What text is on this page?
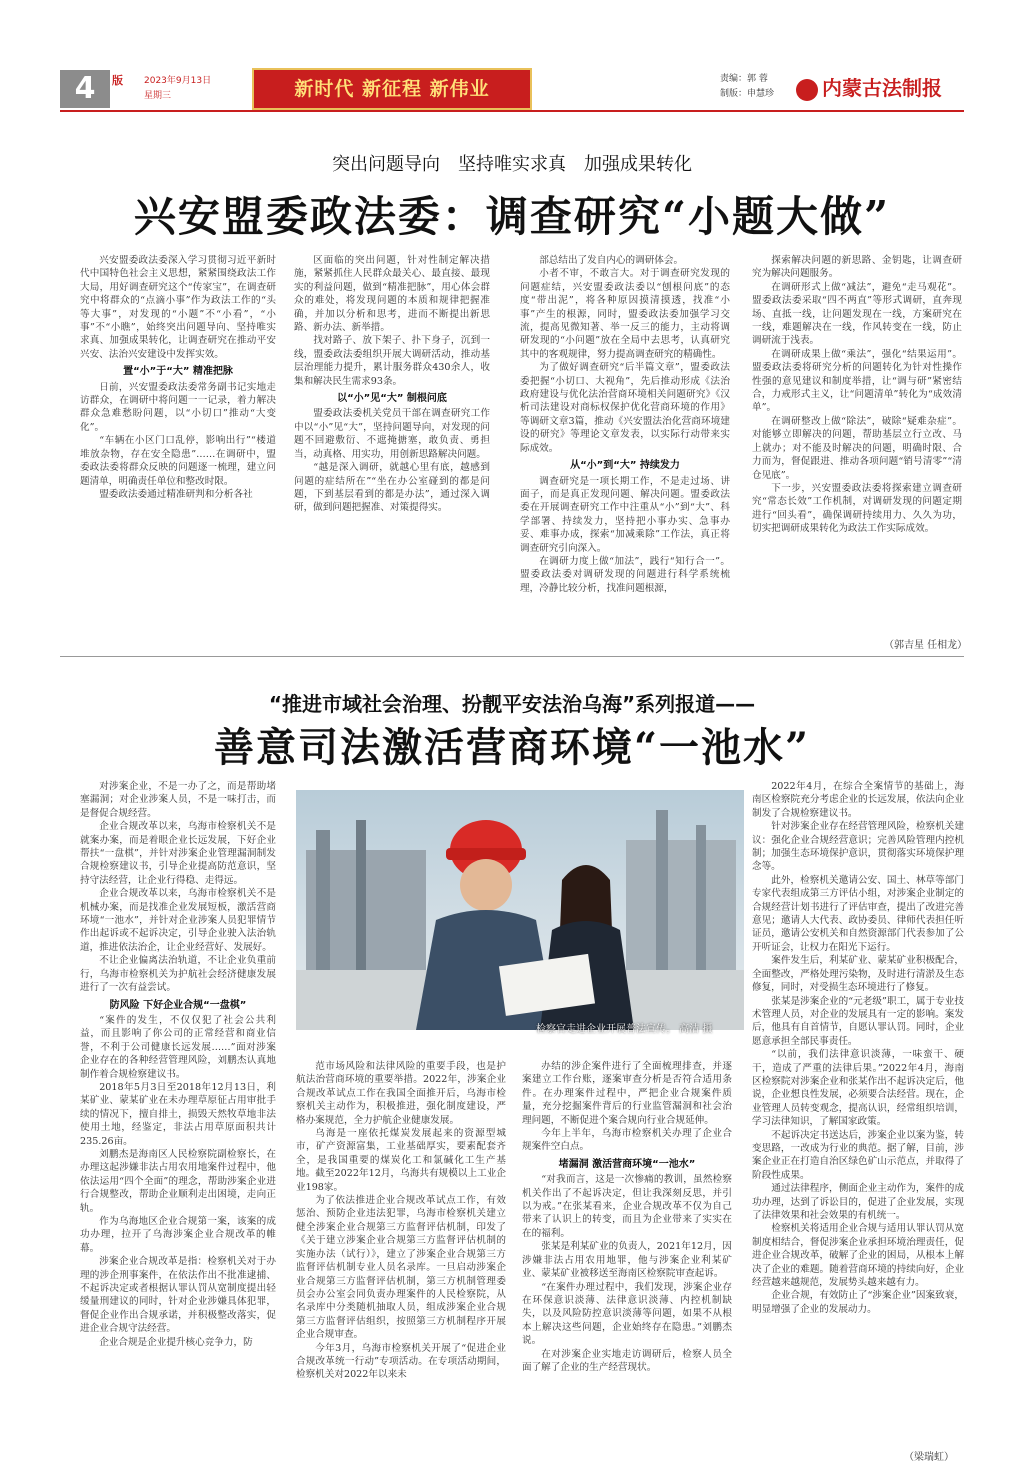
4	版 2023年9月13日
星期三	新时代 新征程 新伟业	责编：郭 蓉
制版：申慧珍	内蒙古法制报
突出问题导向　坚持唯实求真　加强成果转化
兴安盟委政法委：调查研究“小题大做”

兴安盟委政法委深入学习贯彻习近平新时代中国特色社会主义思想，紧紧围绕政法工作大局，用好调查研究这个“传家宝”，在调查研究中将群众的“点滴小事”作为政法工作的“头等大事”，对发现的“小题”不“小看”，“小事”不“小瞧”，始终突出问题导向、坚持唯实求真、加强成果转化，让调查研究在推动平安兴安、法治兴安建设中发挥实效。

置“小”于“大” 精准把脉

日前，兴安盟委政法委常务副书记实地走访群众，在调研中将问题一一记录，着力解决群众急难愁盼问题，以“小切口”推动“大变化”。

“车辆在小区门口乱停，影响出行”“楼道堆放杂物，存在安全隐患”……在调研中，盟委政法委将群众反映的问题逐一梳理，建立问题清单，明确责任单位和整改时限。

盟委政法委通过精准研判和分析各社

区面临的突出问题，针对性制定解决措施，紧紧抓住人民群众最关心、最直接、最现实的利益问题，做到“精准把脉”，用心体会群众的难处，将发现问题的本质和规律把握准确，并加以分析和思考，进而不断提出新思路、新办法、新举措。

找对路子、放下架子、扑下身子，沉到一线，盟委政法委组织开展大调研活动，推动基层治理能力提升，累计服务群众430余人，收集和解决民生需求93条。

以“小”见“大” 制根问底

盟委政法委机关党员干部在调查研究工作中以“小”见“大”，坚持问题导向，对发现的问题不回避敷衍、不遮掩搪塞，敢负责、勇担当，动真格、用实功，用创新思路解决问题。

“越是深入调研，就越心里有底，越感到问题的症结所在”“坐在办公室碰到的都是问题，下到基层看到的都是办法”，通过深入调研，做到问题把握准、对策提得实。

部总结出了发自内心的调研体会。

小者不审，不敢言大。对于调查研究发现的问题症结，兴安盟委政法委以“刨根问底”的态度“带出泥”，将各种原因摸清摸透，找准“小事”产生的根源，同时，盟委政法委加强学习交流，提高见微知著、举一反三的能力，主动将调研发现的“小问题”放在全局中去思考，认真研究其中的客观规律，努力提高调查研究的精确性。

为了做好调查研究“后半篇文章”，盟委政法委把握“小切口、大视角”，先后推动形成《法治政府建设与优化法治营商环境相关问题研究》《汉析司法建设对商标权保护优化营商环境的作用》等调研文章3篇，推动《兴安盟法治化营商环境建设的研究》等理论文章发表，以实际行动带来实际成效。

从“小”到“大” 持续发力

调查研究是一项长期工作，不是走过场、讲面子，而是真正发现问题、解决问题。盟委政法委在开展调查研究工作中注重从“小”到“大”、科学部署、持续发力，坚持把小事办实、急事办妥、难事办成，探索“加减乘除”工作法，真正将调查研究引向深入。

在调研力度上做“加法”，践行“知行合一”。盟委政法委对调研发现的问题进行科学系统梳理，冷静比较分析，找准问题根源，

探索解决问题的新思路、金钥匙，让调查研究为解决问题服务。

在调研形式上做“减法”，避免“走马观花”。盟委政法委采取“四不两直”等形式调研，直奔现场、直抵一线，让问题发现在一线，方案研究在一线，难题解决在一线，作风转变在一线，防止调研流于浅表。

在调研成果上做“乘法”，强化“结果运用”。盟委政法委将研究分析的问题转化为针对性操作性强的意见建议和制度举措，让“调与研”紧密结合，力戒形式主义，让“问题清单”转化为“成效清单”。

在调研整改上做“除法”，破除“疑难杂症”。对能够立即解决的问题，帮助基层立行立改、马上就办；对不能及时解决的问题，明确时限、合力而为，督促跟进、推动各项问题“销号清零”“清仓见底”。

下一步，兴安盟委政法委将探索建立调查研究“常态长效”工作机制，对调研发现的问题定期进行“回头看”，确保调研持续用力、久久为功，切实把调研成果转化为政法工作实际成效。

（郭吉星 任相龙）
“推进市域社会治理、扮靓平安法治乌海”系列报道——
善意司法激活营商环境“一池水”

对涉案企业，不是一办了之，而是帮助堵塞漏洞；对企业涉案人员，不是一味打击，而是督促合规经营。

企业合规改革以来，乌海市检察机关不是就案办案，而是着眼企业长远发展，下好企业帮扶“一盘棋”，并针对涉案企业管理漏洞制发合规检察建议书，引导企业提高防范意识，坚持守法经营，让企业行得稳、走得远。

企业合规改革以来，乌海市检察机关不是机械办案，而是找准企业发展短板，激活营商环境“一池水”，并针对企业涉案人员犯罪情节作出起诉或不起诉决定，引导企业驶入法治轨道，推进依法治企，让企业经营好、发展好。

不让企业偏离法治轨道，不让企业负重前行，乌海市检察机关为护航社会经济健康发展进行了一次有益尝试。

防风险 下好企业合规“一盘棋”

“案件的发生，不仅仅犯了社会公共利益，而且影响了你公司的正常经营和商业信誉，不利于公司健康长远发展……”面对涉案企业存在的各种经营管理风险，刘鹏杰认真地制作着合规检察建议书。

2018年5月3日至2018年12月13日，利某矿业、蒙某矿业在未办理草原征占用审批手续的情况下，擅自排土，损毁天然牧草地非法使用土地，经鉴定，非法占用草原面积共计235.26亩。

刘鹏杰是海南区人民检察院副检察长，在办理这起涉嫌非法占用农用地案件过程中，他依法运用“四个全面”的理念，帮助涉案企业进行合规整改，帮助企业顺利走出困境，走向正轨。

作为乌海地区企业合规第一案，该案的成功办理，拉开了乌海涉案企业合规改革的帷幕。

涉案企业合规改革是指：检察机关对于办理的涉企刑事案件，在依法作出不批准逮捕、不起诉决定或者根据认罪认罚从宽制度提出轻缓量刑建议的同时，针对企业涉嫌具体犯罪，督促企业作出合规承诺，并积极整改落实，促进企业合规守法经营。

企业合规是企业提升核心竞争力，防

检察官走进企业开展普法宣传。 高洁 摄

范市场风险和法律风险的重要手段，也是护航法治营商环境的重要举措。2022年，涉案企业合规改革试点工作在我国全面推开后，乌海市检察机关主动作为，积极推进，强化制度建设，严格办案规范，全力护航企业健康发展。

乌海是一座依托煤炭发展起来的资源型城市，矿产资源富集，工业基础厚实，要素配套齐全，是我国重要的煤炭化工和氯碱化工生产基地。截至2022年12月，乌海共有规模以上工业企业198家。

为了依法推进企业合规改革试点工作，有效惩治、预防企业违法犯罪，乌海市检察机关建立健全涉案企业合规第三方监督评估机制，印发了《关于建立涉案企业合规第三方监督评估机制的实施办法（试行）》，建立了涉案企业合规第三方监督评估机制专业人员名录库。一旦启动涉案企业合规第三方监督评估机制，第三方机制管理委员会办公室会同负责办理案件的人民检察院，从名录库中分类随机抽取人员，组成涉案企业合规第三方监督评估组织，按照第三方机制程序开展企业合规审查。

今年3月，乌海市检察机关开展了“促进企业合规改革统一行动”专项活动。在专项活动期间，检察机关对2022年以来未

办结的涉企案件进行了全面梳理排查，并逐案建立工作台账，逐案审查分析是否符合适用条件。在办理案件过程中，严把企业合规案件质量，充分挖掘案件背后的行业监管漏洞和社会治理问题，不断促进个案合规向行业合规延伸。

今年上半年，乌海市检察机关办理了企业合规案件空白点。

堵漏洞 激活营商环境“一池水”

“对我而言，这是一次惨痛的教训，虽然检察机关作出了不起诉决定，但让我深刻反思，并引以为戒。”在张某看来，企业合规改革不仅为自己带来了认识上的转变，而且为企业带来了实实在在的福利。

张某是利某矿业的负责人，2021年12月，因涉嫌非法占用农用地罪，他与涉案企业利某矿业、蒙某矿业被移送至海南区检察院审查起诉。

“在案件办理过程中，我们发现，涉案企业存在环保意识淡薄、法律意识淡薄、内控机制缺失，以及风险防控意识淡薄等问题，如果不从根本上解决这些问题，企业始终存在隐患。”刘鹏杰说。

在对涉案企业实地走访调研后，检察人员全面了解了企业的生产经营现状。

2022年4月，在综合全案情节的基础上，海南区检察院充分考虑企业的长远发展，依法向企业制发了合规检察建议书。

针对涉案企业存在经营管理风险，检察机关建议：强化企业合规经营意识；完善风险管理内控机制；加强生态环境保护意识，贯彻落实环境保护理念等。

此外，检察机关邀请公安、国土、林草等部门专家代表组成第三方评估小组，对涉案企业制定的合规经营计划书进行了评估审查，提出了改进完善意见；邀请人大代表、政协委员、律师代表担任听证员，邀请公安机关和自然资源部门代表参加了公开听证会，让权力在阳光下运行。

案件发生后，利某矿业、蒙某矿业积极配合，全面整改，严格处理污染物，及时进行清淤及生态修复，同时，对受损生态环境进行了修复。

张某是涉案企业的“元老级”职工，属于专业技术管理人员，对企业的发展具有一定的影响。案发后，他具有自首情节，自愿认罪认罚。同时，企业愿意承担全部民事责任。

“以前，我们法律意识淡薄，一味蛮干、硬干，造成了严重的法律后果。”2022年4月，海南区检察院对涉案企业和张某作出不起诉决定后，他说，企业想良性发展，必须要合法经营。现在，企业管理人员转变观念，提高认识，经常组织培训，学习法律知识，了解国家政策。

不起诉决定书送达后，涉案企业以案为鉴，转变思路，一改成为行业的典范。据了解，目前，涉案企业正在打造自治区绿色矿山示范点，并取得了阶段性成果。

通过法律程序，侧面企业主动作为，案件的成功办理，达到了诉讼目的，促进了企业发展，实现了法律效果和社会效果的有机统一。

检察机关将适用企业合规与适用认罪认罚从宽制度相结合，督促涉案企业承担环境治理责任，促进企业合规改革，破解了企业的困局，从根本上解决了企业的难题。随着营商环境的持续向好，企业经营越来越规范，发展势头越来越有力。

企业合规，有效防止了“涉案企业”因案致衰，明显增强了企业的发展动力。

（梁瑞虹）
